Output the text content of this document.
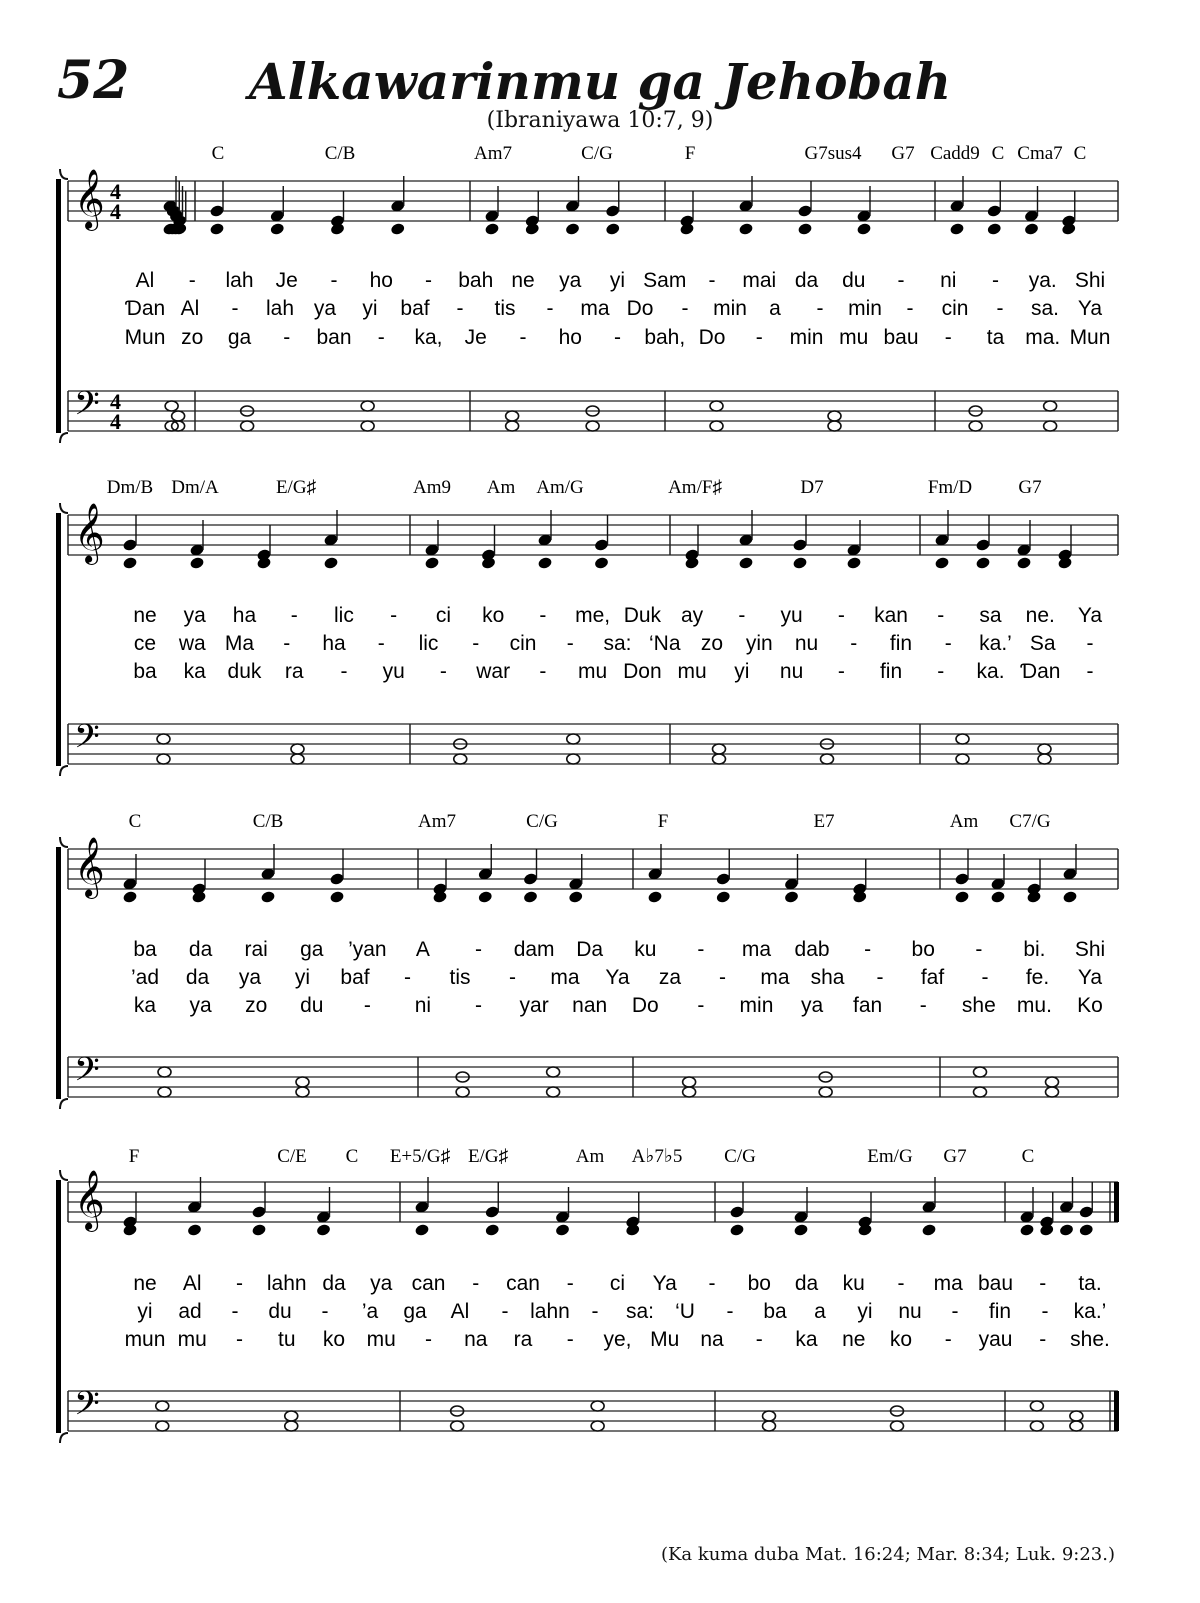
52	Alkawarinmu ga Jehobah
(Ibraniyawa 10:7, 9)
(Ka kuma duba Mat. 16:24; Mar. 8:34; Luk. 9:23.)
𝄞 4
4
𝄢 4
4
C	C/B	Am7	C/G	F	G7sus4 G7 Cadd9 C Cma7 C
Al - lah Je - ho - bah ne ya yi Sam - mai da du - ni - ya. Shi
Ɗan Al - lah ya yi baf - tis - ma Do - min a - min - cin - sa. Ya
Mun zo ga - ban - ka, Je - ho - bah, Do - min mu bau - ta ma. Mun
𝄞
𝄢
Dm/B Dm/A	E/G♯	Am9 Am Am/G	Am/F♯	D7	Fm/D G7
ne ya ha - lic - ci ko - me, Duk ay - yu - kan - sa ne. Ya
ce wa Ma - ha - lic - cin - sa: ‘Na zo yin nu - fin - ka.’ Sa -
ba ka duk ra - yu - war - mu Don mu yi nu - fin - ka. Ɗan -
𝄞
𝄢
C	C/B	Am7	C/G	F	E7	Am C7/G
ba da rai ga ’yan A - dam Da ku - ma dab - bo - bi. Shi
’ad da ya yi baf - tis - ma Ya za - ma sha - faf - fe. Ya
ka ya zo du - ni - yar nan Do - min ya fan - she mu. Ko
𝄞
𝄢
F	C/E C E+5/G♯ E/G♯	Am A♭7♭5 C/G	Em/G G7	C
ne Al - lahn da ya can - can - ci Ya - bo da ku - ma bau - ta.
yi ad - du - ’a ga Al - lahn - sa: ‘U - ba a yi nu - fin - ka.’
mun mu - tu ko mu - na ra - ye, Mu na - ka ne ko - yau - she.
